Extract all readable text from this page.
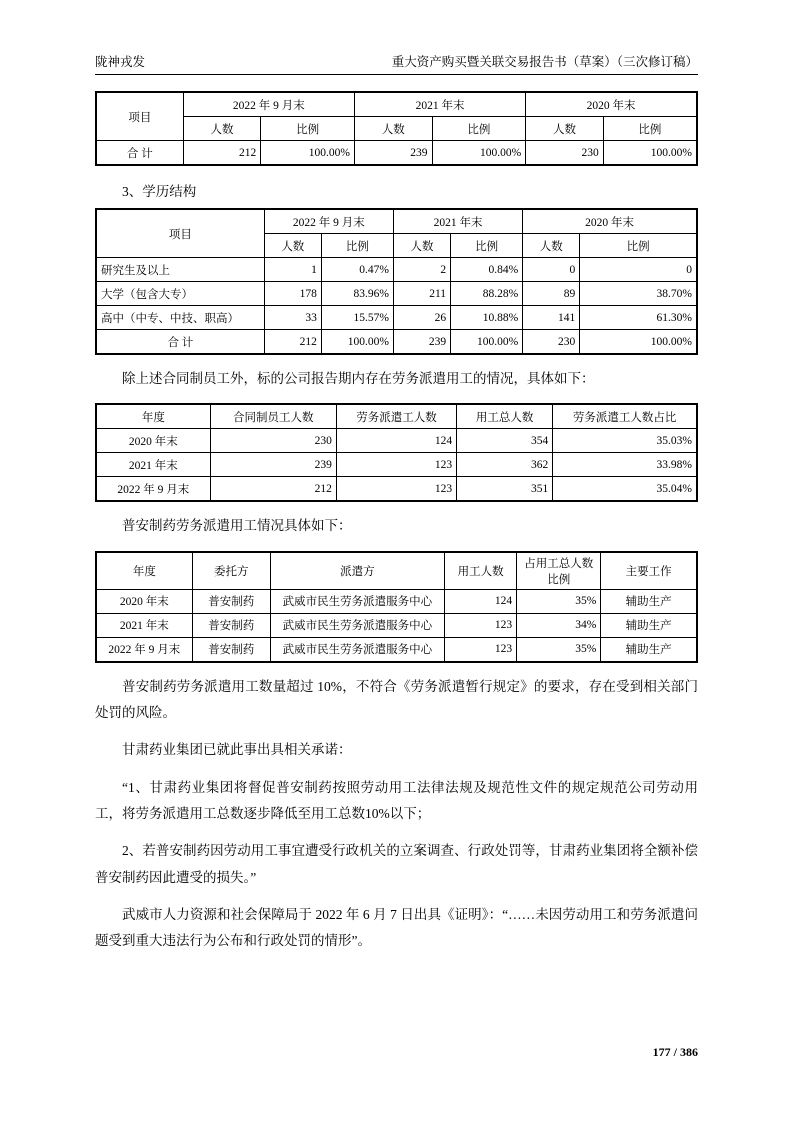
陇神戎发	重大资产购买暨关联交易报告书（草案）（三次修订稿）
项目	2022 年 9 月末		2021 年末		2020 年末	
	人数	比例	人数	比例	人数	比例
合 计	212	100.00%	239	100.00%	230	100.00%
3、学历结构
项目	2022 年 9 月末		2021 年末		2020 年末	
	人数	比例	人数	比例	人数	比例
研究生及以上	1	0.47%	2	0.84%	0	0
大学（包含大专）	178	83.96%	211	88.28%	89	38.70%
高中（中专、中技、职高）	33	15.57%	26	10.88%	141	61.30%
合 计	212	100.00%	239	100.00%	230	100.00%

除上述合同制员工外，标的公司报告期内存在劳务派遣用工的情况，具体如下：

年度	合同制员工人数	劳务派遣工人数	用工总人数	劳务派遣工人数占比
2020 年末	230	124	354	35.03%
2021 年末	239	123	362	33.98%
2022 年 9 月末	212	123	351	35.04%

普安制药劳务派遣用工情况具体如下：

年度	委托方	派遣方	用工人数	占用工总人数比例	主要工作
2020 年末	普安制药	武威市民生劳务派遣服务中心	124	35%	辅助生产
2021 年末	普安制药	武威市民生劳务派遣服务中心	123	34%	辅助生产
2022 年 9 月末	普安制药	武威市民生劳务派遣服务中心	123	35%	辅助生产

普安制药劳务派遣用工数量超过 10%，不符合《劳务派遣暂行规定》的要求，存在受到相关部门处罚的风险。

甘肃药业集团已就此事出具相关承诺：

“1、甘肃药业集团将督促普安制药按照劳动用工法律法规及规范性文件的规定规范公司劳动用工，将劳务派遣用工总数逐步降低至用工总数10%以下；

2、若普安制药因劳动用工事宜遭受行政机关的立案调查、行政处罚等，甘肃药业集团将全额补偿普安制药因此遭受的损失。”

武威市人力资源和社会保障局于 2022 年 6 月 7 日出具《证明》：“……未因劳动用工和劳务派遣问题受到重大违法行为公布和行政处罚的情形”。

177 / 386
